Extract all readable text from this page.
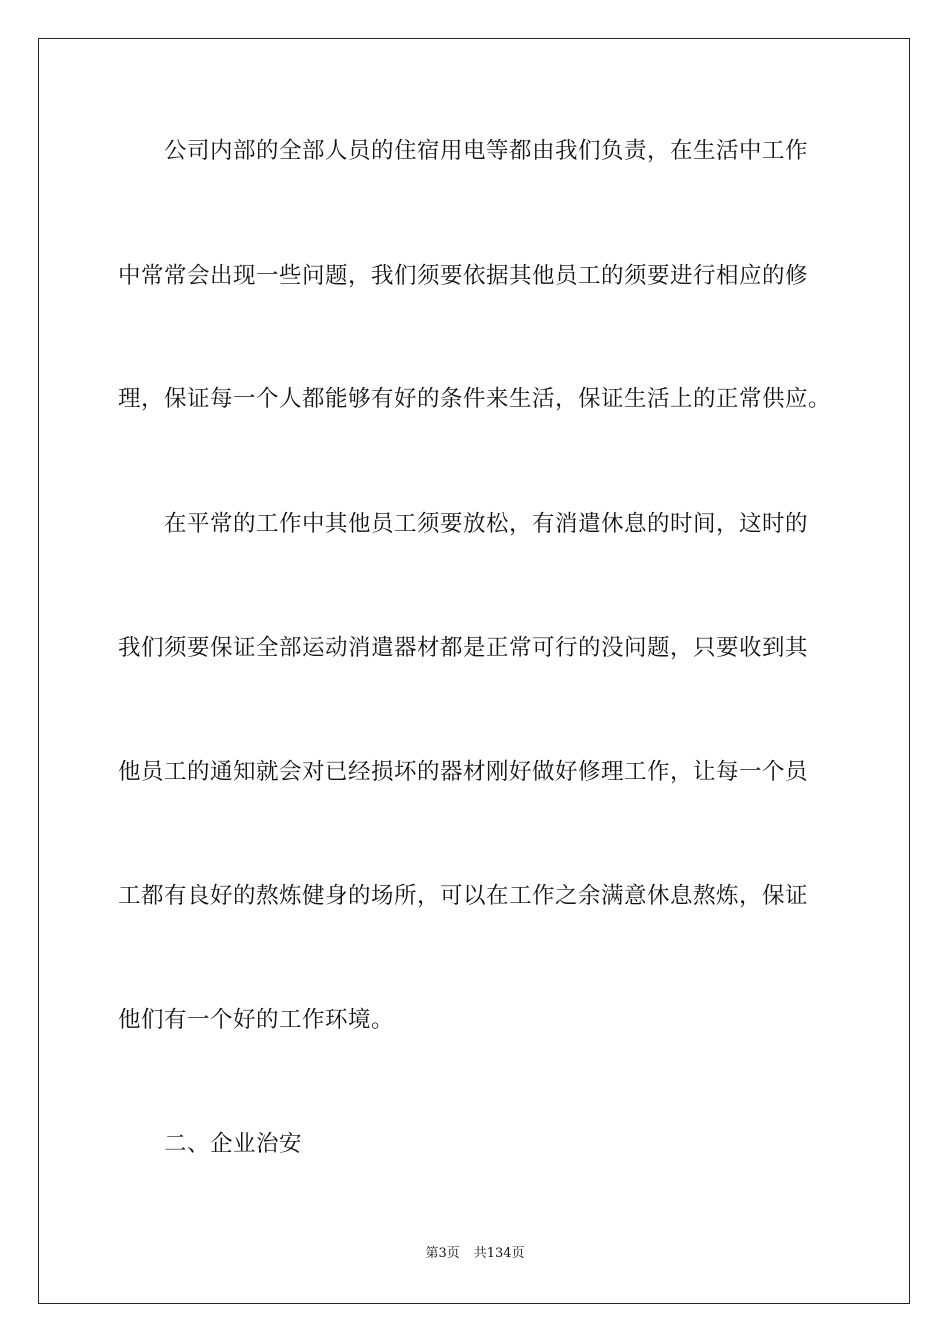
公司内部的全部人员的住宿用电等都由我们负责，在生活中工作
中常常会出现一些问题，我们须要依据其他员工的须要进行相应的修
理，保证每一个人都能够有好的条件来生活，保证生活上的正常供应。
在平常的工作中其他员工须要放松，有消遣休息的时间，这时的
我们须要保证全部运动消遣器材都是正常可行的没问题，只要收到其
他员工的通知就会对已经损坏的器材刚好做好修理工作，让每一个员
工都有良好的熬炼健身的场所，可以在工作之余满意休息熬炼，保证
他们有一个好的工作环境。
二、企业治安
第3页 共134页
